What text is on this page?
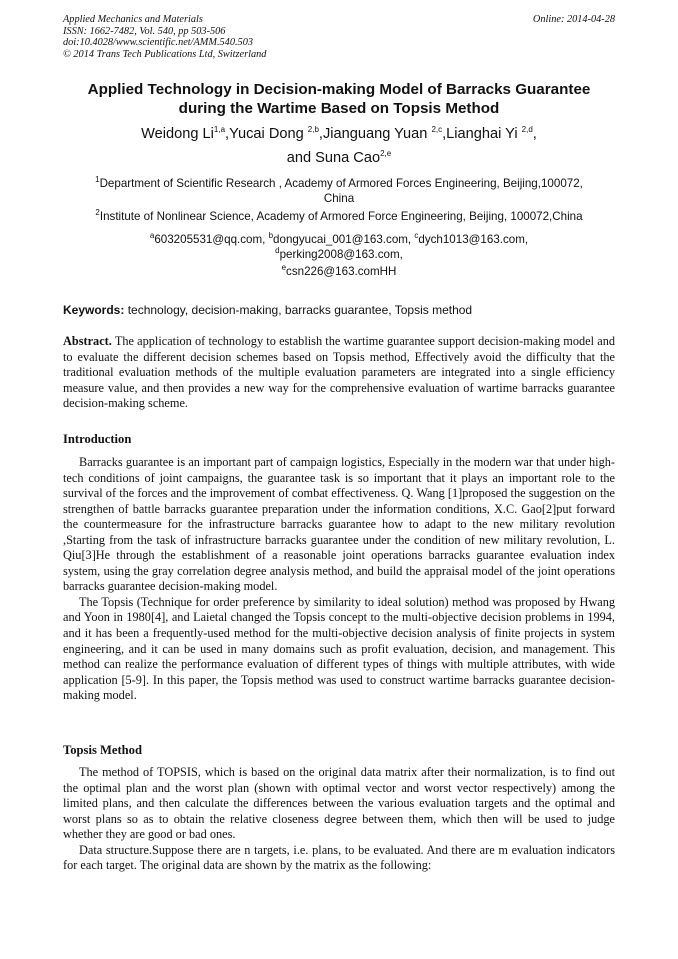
Applied Mechanics and Materials
ISSN: 1662-7482, Vol. 540, pp 503-506
doi:10.4028/www.scientific.net/AMM.540.503
© 2014 Trans Tech Publications Ltd, Switzerland
Online: 2014-04-28
Applied Technology in Decision-making Model of Barracks Guarantee
during the Wartime Based on Topsis Method
Weidong Li$^{1,a}$,Yucai Dong $^{2,b}$,Jianguang Yuan $^{2,c}$,Lianghai Yi $^{2,d}$,
and Suna Cao$^{2,e}$
$^1$Department of Scientific Research , Academy of Armored Forces Engineering, Beijing,100072,
China
$^2$Institute of Nonlinear Science, Academy of Armored Force Engineering, Beijing, 100072,China
$^a$603205531@qq.com, $^b$dongyucai_001@163.com, $^c$dych1013@163.com,
$^d$perking2008@163.com,
$^e$csn226@163.comHH
Keywords: technology, decision-making, barracks guarantee, Topsis method
Abstract. The application of technology to establish the wartime guarantee support decision-making model and to evaluate the different decision schemes based on Topsis method, Effectively avoid the difficulty that the traditional evaluation methods of the multiple evaluation parameters are integrated into a single efficiency measure value, and then provides a new way for the comprehensive evaluation of wartime barracks guarantee decision-making scheme.
Introduction

Barracks guarantee is an important part of campaign logistics, Especially in the modern war that under high-tech conditions of joint campaigns, the guarantee task is so important that it plays an important role to the survival of the forces and the improvement of combat effectiveness. Q. Wang [1]proposed the suggestion on the strengthen of battle barracks guarantee preparation under the information conditions, X.C. Gao[2]put forward the countermeasure for the infrastructure barracks guarantee how to adapt to the new military revolution ,Starting from the task of infrastructure barracks guarantee under the condition of new military revolution, L. Qiu[3]He through the establishment of a reasonable joint operations barracks guarantee evaluation index system, using the gray correlation degree analysis method, and build the appraisal model of the joint operations barracks guarantee decision-making model.

The Topsis (Technique for order preference by similarity to ideal solution) method was proposed by Hwang and Yoon in 1980[4], and Laietal changed the Topsis concept to the multi-objective decision problems in 1994, and it has been a frequently-used method for the multi-objective decision analysis of finite projects in system engineering, and it can be used in many domains such as profit evaluation, decision, and management. This method can realize the performance evaluation of different types of things with multiple attributes, with wide application [5-9]. In this paper, the Topsis method was used to construct wartime barracks guarantee decision-making model.

Topsis Method

The method of TOPSIS, which is based on the original data matrix after their normalization, is to find out the optimal plan and the worst plan (shown with optimal vector and worst vector respectively) among the limited plans, and then calculate the differences between the various evaluation targets and the optimal and worst plans so as to obtain the relative closeness degree between them, which then will be used to judge whether they are good or bad ones.

Data structure.Suppose there are n targets, i.e. plans, to be evaluated. And there are m evaluation indicators for each target. The original data are shown by the matrix as the following:
